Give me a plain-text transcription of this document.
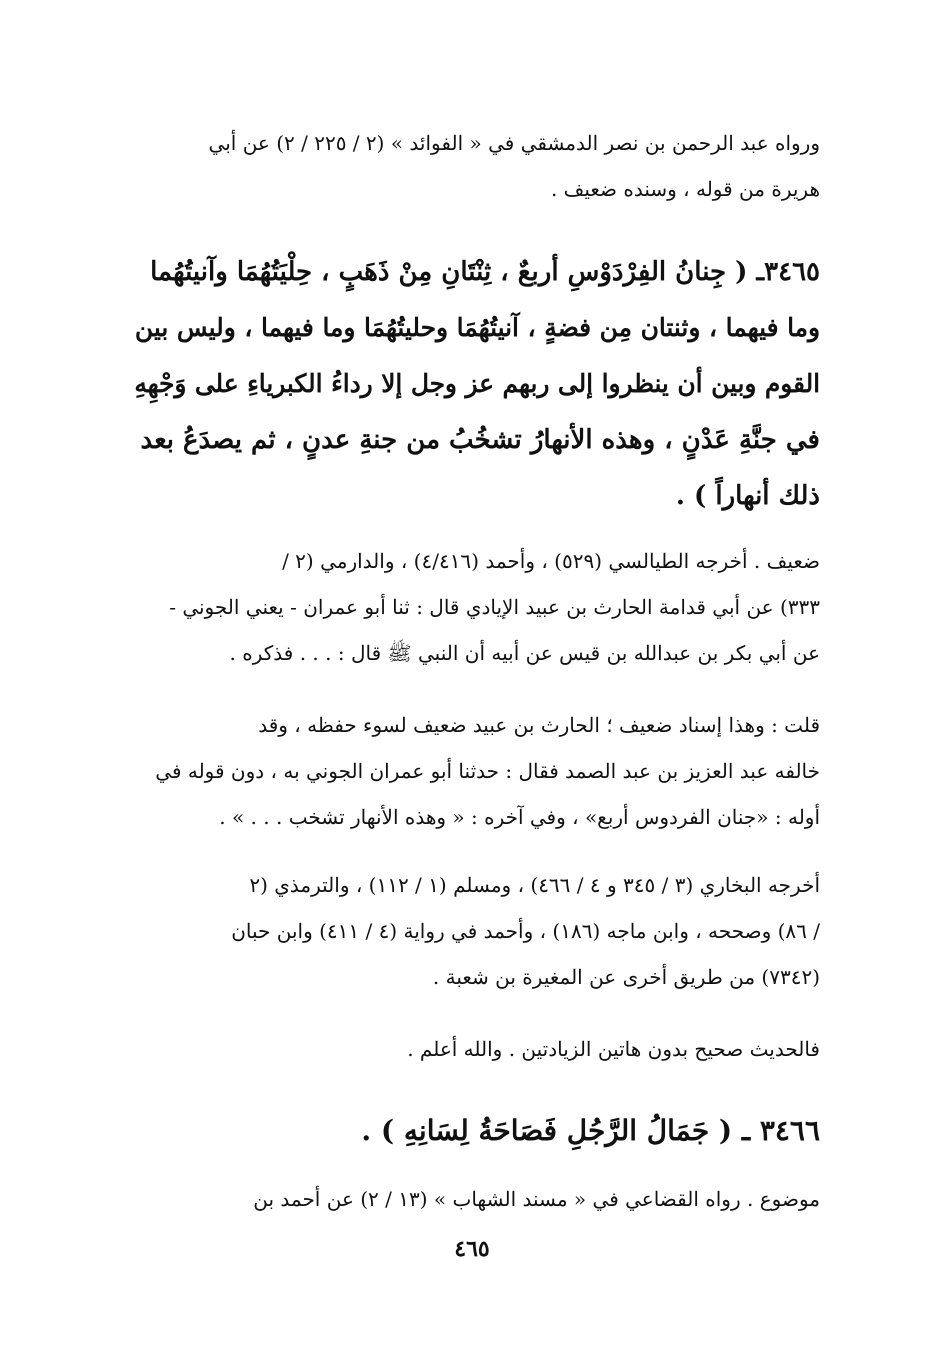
ورواه عبد الرحمن بن نصر الدمشقي في « الفوائد » (٢ / ٢٢٥ / ٢) عن أبي
هريرة من قوله ، وسنده ضعيف .
٣٤٦٥ـ ( جِنانُ الفِرْدَوْسِ أربعٌ ، ثِنْتَانِ مِنْ ذَهَبٍ ، حِلْيَتُهُمَا وآنيتُهُما
وما فيهما ، وثنتان مِن فضةٍ ، آنيتُهُمَا وحليتُهُمَا وما فيهما ، وليس بين
القوم وبين أن ينظروا إلى ربهم عز وجل إلا رداءُ الكبرياءِ على وَجْهِهِ
في جنَّةِ عَدْنٍ ، وهذه الأنهارُ تشخُبُ من جنةِ عدنٍ ، ثم يصدَعُ بعد
ذلك أنهاراً ) .
ضعيف . أخرجه الطيالسي (٥٢٩) ، وأحمد (٤/٤١٦) ، والدارمي (٢ /
٣٣٣) عن أبي قدامة الحارث بن عبيد الإيادي قال : ثنا أبو عمران - يعني الجوني -
عن أبي بكر بن عبدالله بن قيس عن أبيه أن النبي ﷺ قال : . . . فذكره .
قلت : وهذا إسناد ضعيف ؛ الحارث بن عبيد ضعيف لسوء حفظه ، وقد
خالفه عبد العزيز بن عبد الصمد فقال : حدثنا أبو عمران الجوني به ، دون قوله في
أوله : «جنان الفردوس أربع» ، وفي آخره : « وهذه الأنهار تشخب . . . » .
أخرجه البخاري (٣ / ٣٤٥ و ٤ / ٤٦٦) ، ومسلم (١ / ١١٢) ، والترمذي (٢
/ ٨٦) وصححه ، وابن ماجه (١٨٦) ، وأحمد في رواية (٤ / ٤١١) وابن حبان
(٧٣٤٢) من طريق أخرى عن المغيرة بن شعبة .
فالحديث صحيح بدون هاتين الزيادتين . والله أعلم .
٣٤٦٦ ـ ( جَمَالُ الرَّجُلِ فَصَاحَةُ لِسَانِهِ ) .
موضوع . رواه القضاعي في « مسند الشهاب » (١٣ / ٢) عن أحمد بن
٤٦٥
